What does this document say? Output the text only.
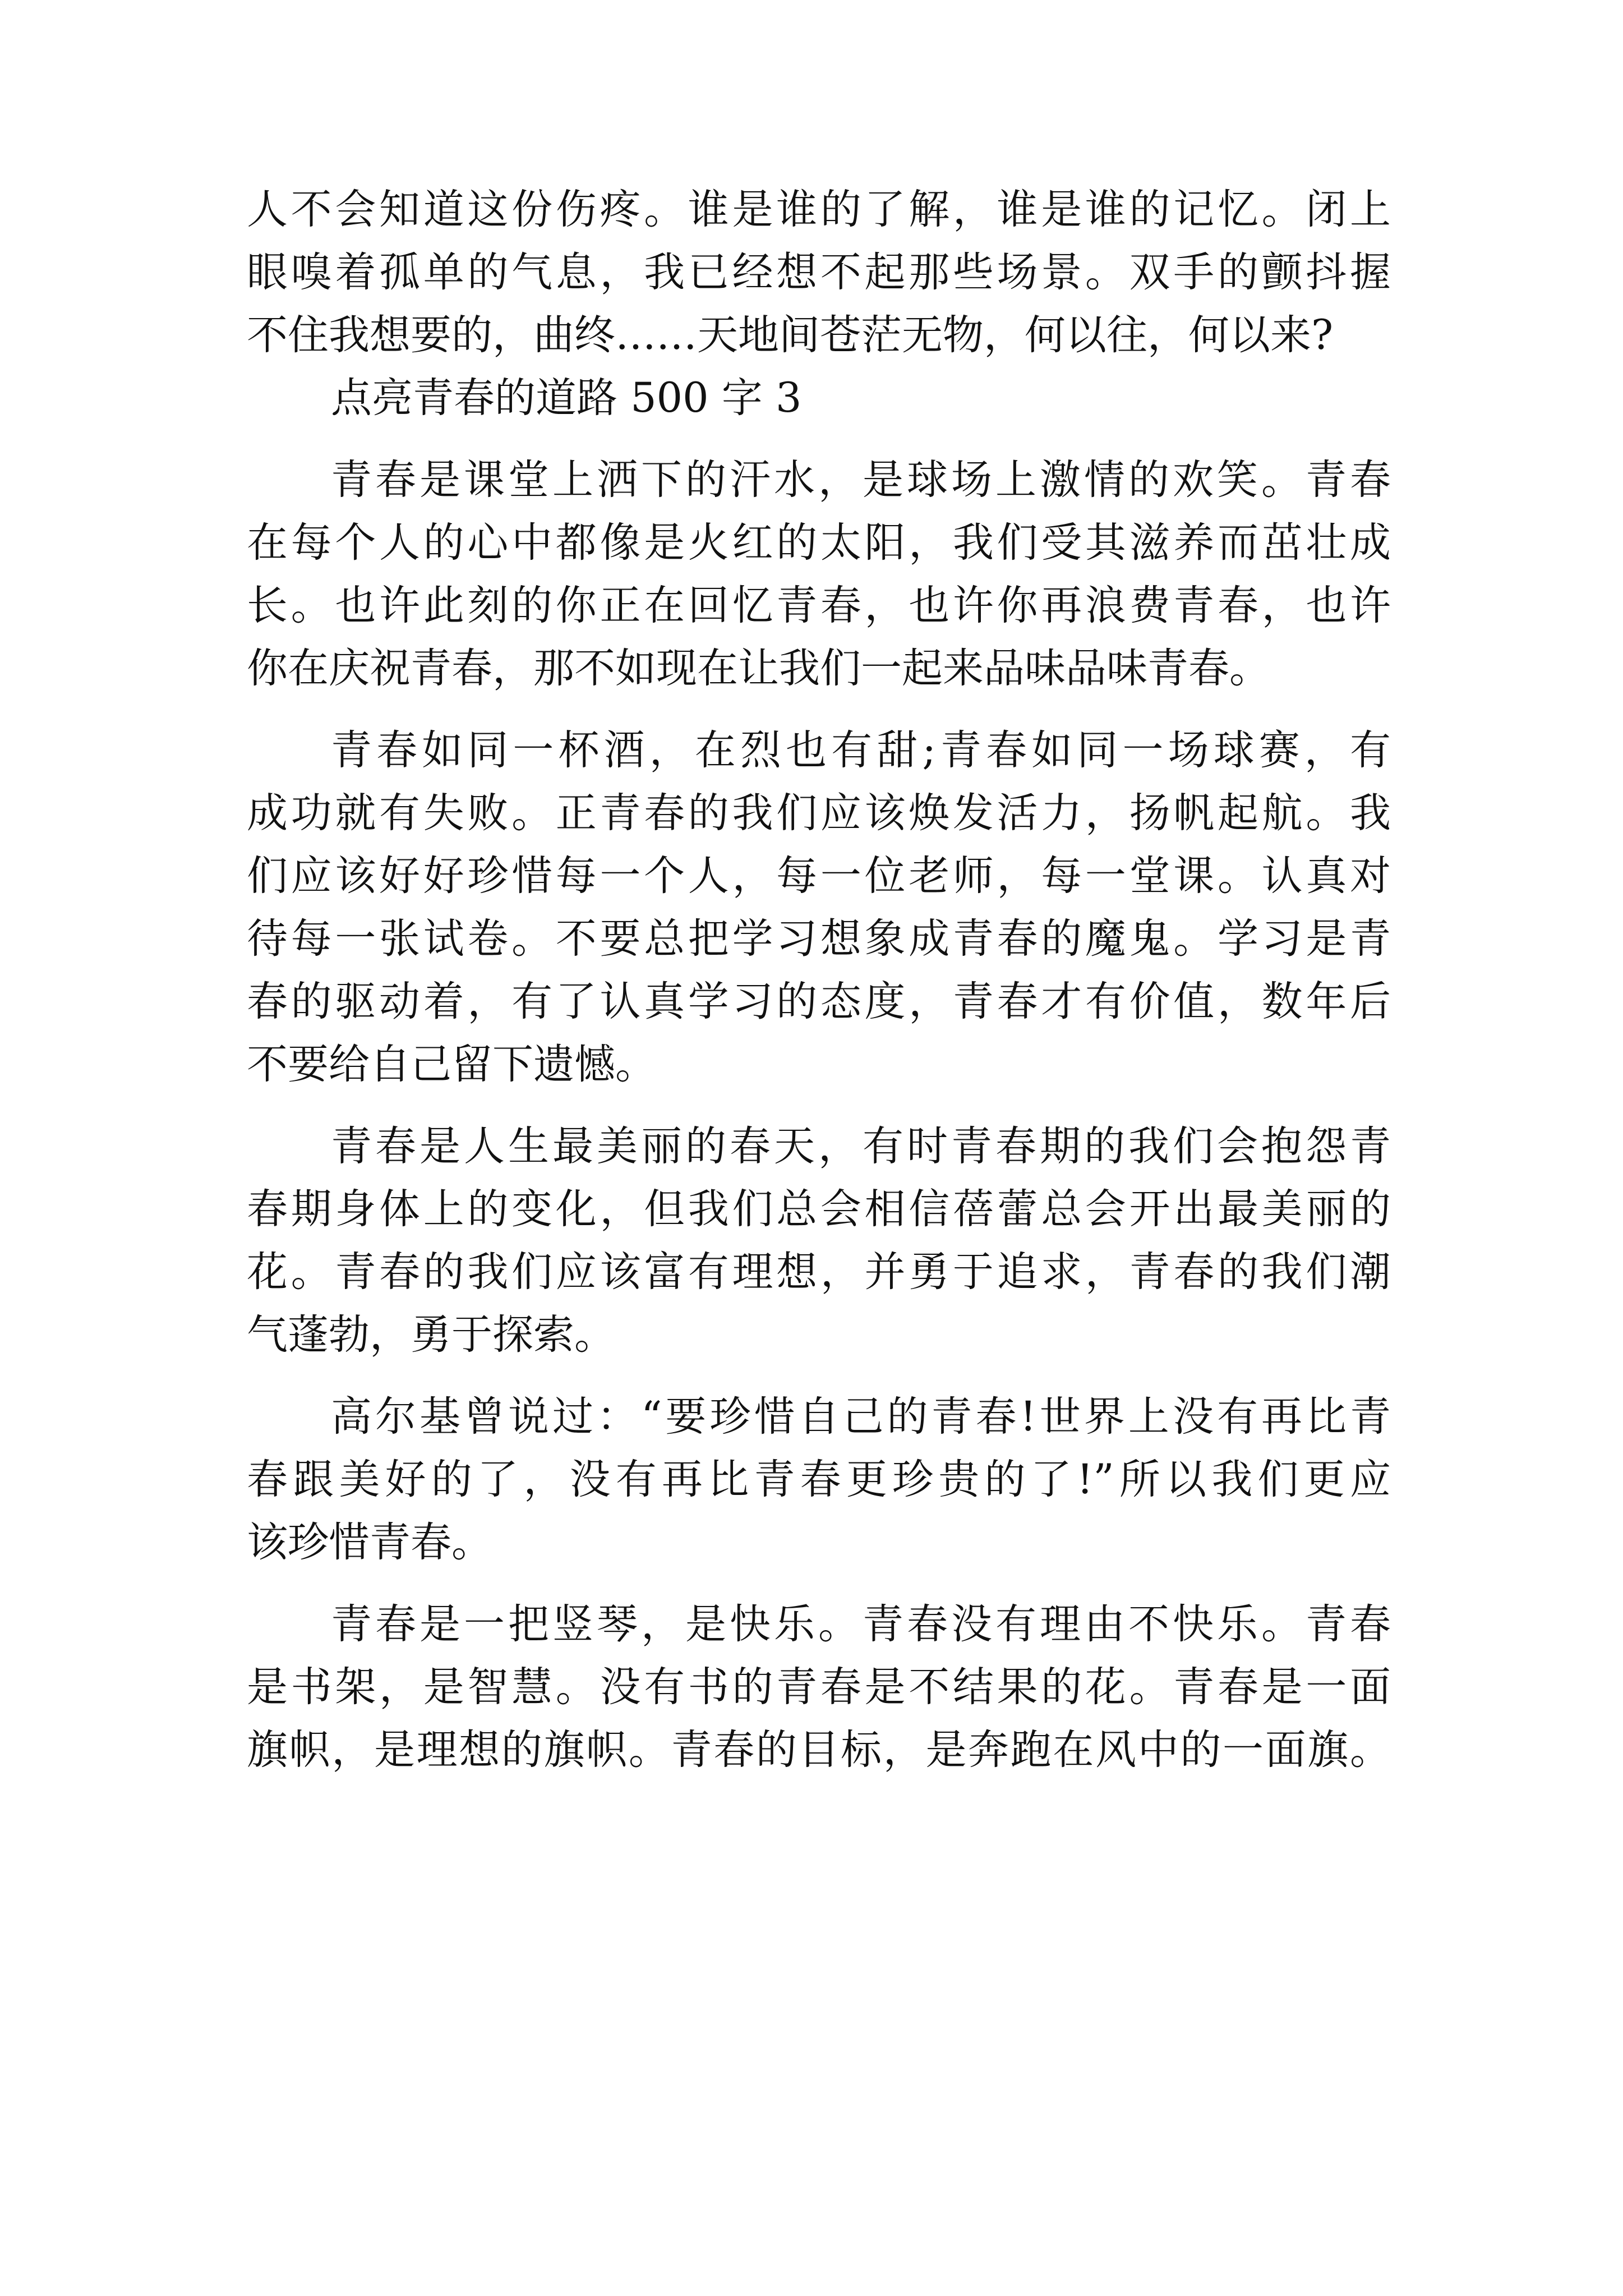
人不会知道这份伤疼。谁是谁的了解，谁是谁的记忆。闭上
眼嗅着孤单的气息，我已经想不起那些场景。双手的颤抖握
不住我想要的，曲终……天地间苍茫无物，何以往，何以来?
点亮青春的道路 500 字 3
青春是课堂上洒下的汗水，是球场上激情的欢笑。青春
在每个人的心中都像是火红的太阳，我们受其滋养而茁壮成
长。也许此刻的你正在回忆青春，也许你再浪费青春，也许
你在庆祝青春，那不如现在让我们一起来品味品味青春。
青春如同一杯酒，在烈也有甜;青春如同一场球赛，有
成功就有失败。正青春的我们应该焕发活力，扬帆起航。我
们应该好好珍惜每一个人，每一位老师，每一堂课。认真对
待每一张试卷。不要总把学习想象成青春的魔鬼。学习是青
春的驱动着，有了认真学习的态度，青春才有价值，数年后
不要给自己留下遗憾。
青春是人生最美丽的春天，有时青春期的我们会抱怨青
春期身体上的变化，但我们总会相信蓓蕾总会开出最美丽的
花。青春的我们应该富有理想，并勇于追求，青春的我们潮
气蓬勃，勇于探索。
高尔基曾说过：“要珍惜自己的青春!世界上没有再比青
春跟美好的了，没有再比青春更珍贵的了!”所以我们更应
该珍惜青春。
青春是一把竖琴，是快乐。青春没有理由不快乐。青春
是书架，是智慧。没有书的青春是不结果的花。青春是一面
旗帜，是理想的旗帜。青春的目标，是奔跑在风中的一面旗。
